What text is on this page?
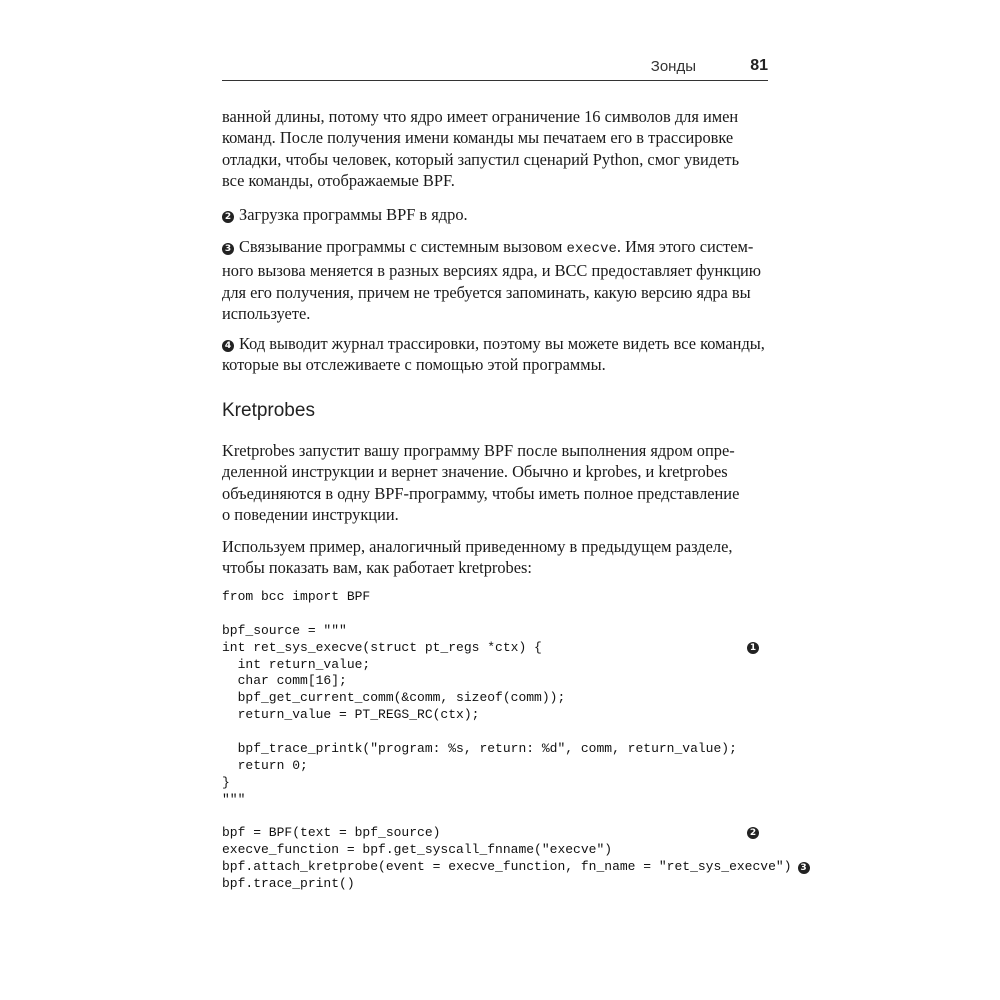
Зонды	81

ванной длины, потому что ядро имеет ограничение 16 символов для имен
команд. После получения имени команды мы печатаем его в трассировке
отладки, чтобы человек, который запустил сценарий Python, смог увидеть
все команды, отображаемые BPF.

2 Загрузка программы BPF в ядро.

3 Связывание программы с системным вызовом execve. Имя этого систем-
ного вызова меняется в разных версиях ядра, и BCC предоставляет функцию
для его получения, причем не требуется запоминать, какую версию ядра вы
используете.

4 Код выводит журнал трассировки, поэтому вы можете видеть все команды,
которые вы отслеживаете с помощью этой программы.

Kretprobes

Kretprobes запустит вашу программу BPF после выполнения ядром опре-
деленной инструкции и вернет значение. Обычно и kprobes, и kretprobes
объединяются в одну BPF-программу, чтобы иметь полное представление
о поведении инструкции.

Используем пример, аналогичный приведенному в предыдущем разделе,
чтобы показать вам, как работает kretprobes:

from bcc import BPF
bpf_source = """
int ret_sys_execve(struct pt_regs *ctx) {	1
int return_value;
char comm[16];
bpf_get_current_comm(&comm, sizeof(comm));
return_value = PT_REGS_RC(ctx);
bpf_trace_printk("program: %s, return: %d", comm, return_value);
return 0;
}
"""
bpf = BPF(text = bpf_source)	2
execve_function = bpf.get_syscall_fnname("execve")
bpf.attach_kretprobe(event = execve_function, fn_name = "ret_sys_execve") 3
bpf.trace_print()
